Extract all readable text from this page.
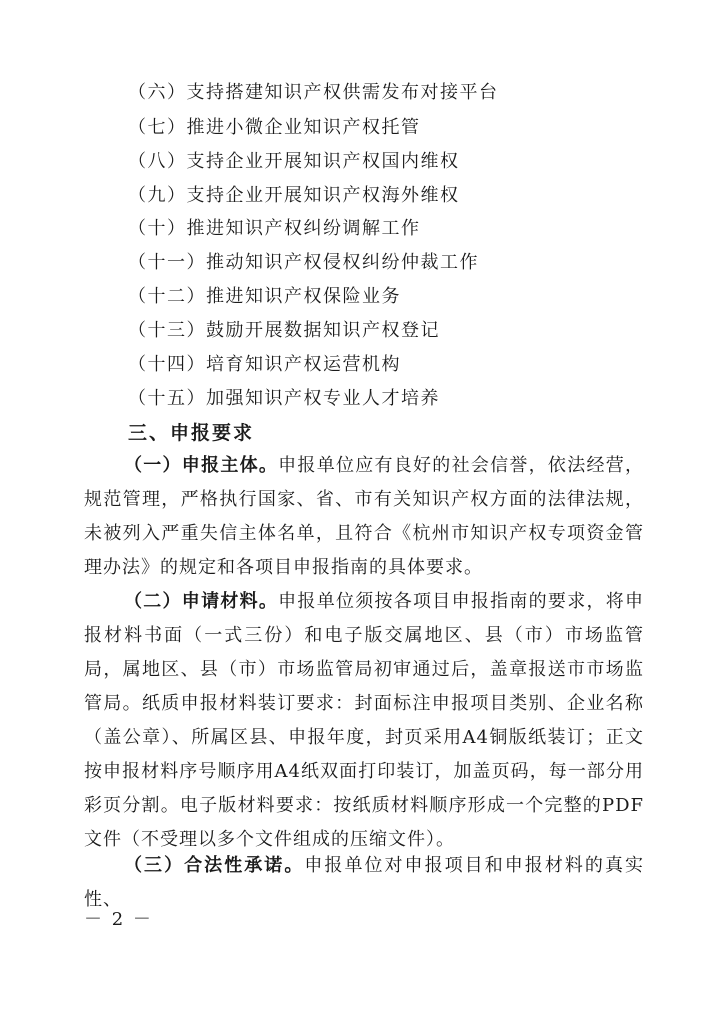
（六）支持搭建知识产权供需发布对接平台
（七）推进小微企业知识产权托管
（八）支持企业开展知识产权国内维权
（九）支持企业开展知识产权海外维权
（十）推进知识产权纠纷调解工作
（十一）推动知识产权侵权纠纷仲裁工作
（十二）推进知识产权保险业务
（十三）鼓励开展数据知识产权登记
（十四）培育知识产权运营机构
（十五）加强知识产权专业人才培养
三、申报要求
（一）申报主体。申报单位应有良好的社会信誉，依法经营，规范管理，严格执行国家、省、市有关知识产权方面的法律法规，未被列入严重失信主体名单，且符合《杭州市知识产权专项资金管理办法》的规定和各项目申报指南的具体要求。
（二）申请材料。申报单位须按各项目申报指南的要求，将申报材料书面（一式三份）和电子版交属地区、县（市）市场监管局，属地区、县（市）市场监管局初审通过后，盖章报送市市场监管局。纸质申报材料装订要求：封面标注申报项目类别、企业名称（盖公章）、所属区县、申报年度，封页采用A4铜版纸装订；正文按申报材料序号顺序用A4纸双面打印装订，加盖页码，每一部分用彩页分割。电子版材料要求：按纸质材料顺序形成一个完整的PDF文件（不受理以多个文件组成的压缩文件）。
（三）合法性承诺。申报单位对申报项目和申报材料的真实性、
－ 2 －
